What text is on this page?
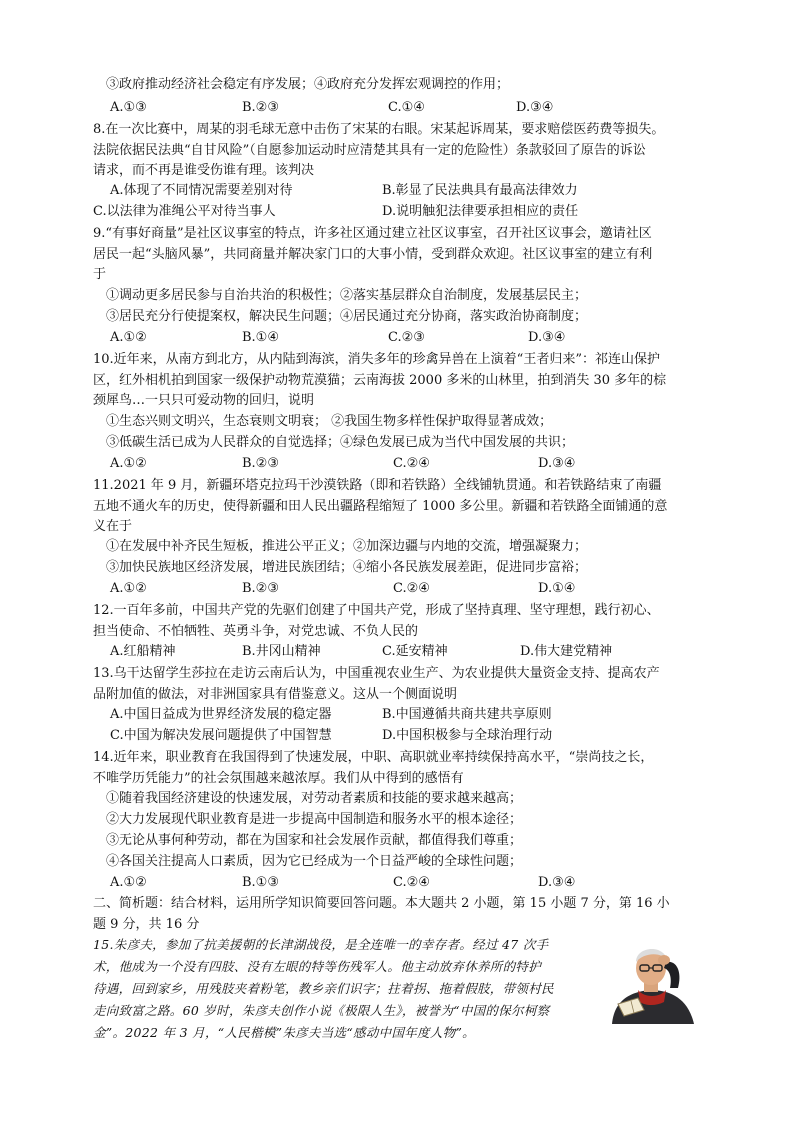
③政府推动经济社会稳定有序发展；④政府充分发挥宏观调控的作用；
A.①③	B.②③	C.①④	D.③④
8.在一次比赛中，周某的羽毛球无意中击伤了宋某的右眼。宋某起诉周某，要求赔偿医药费等损失。
法院依据民法典“自甘风险”（自愿参加运动时应清楚其具有一定的危险性）条款驳回了原告的诉讼
请求，而不再是谁受伤谁有理。该判决
A.体现了不同情况需要差别对待	B.彰显了民法典具有最高法律效力
C.以法律为准绳公平对待当事人	D.说明触犯法律要承担相应的责任
9.“有事好商量”是社区议事室的特点，许多社区通过建立社区议事室，召开社区议事会，邀请社区
居民一起“头脑风暴”，共同商量并解决家门口的大事小情，受到群众欢迎。社区议事室的建立有利
于
①调动更多居民参与自治共治的积极性；②落实基层群众自治制度，发展基层民主；
③居民充分行使提案权，解决民生问题；④居民通过充分协商，落实政治协商制度；
A.①②	B.①④	C.②③	D.③④
10.近年来，从南方到北方，从内陆到海滨，消失多年的珍禽异兽在上演着“王者归来”：祁连山保护
区，红外相机拍到国家一级保护动物荒漠猫；云南海拔 2000 多米的山林里，拍到消失 30 多年的棕
颈犀鸟…一只只可爱动物的回归，说明
①生态兴则文明兴，生态衰则文明衰； ②我国生物多样性保护取得显著成效；
③低碳生活已成为人民群众的自觉选择；④绿色发展已成为当代中国发展的共识；
A.①②	B.②③	C.②④	D.③④
11.2021 年 9 月，新疆环塔克拉玛干沙漠铁路（即和若铁路）全线铺轨贯通。和若铁路结束了南疆
五地不通火车的历史，使得新疆和田人民出疆路程缩短了 1000 多公里。新疆和若铁路全面铺通的意
义在于
①在发展中补齐民生短板，推进公平正义；②加深边疆与内地的交流，增强凝聚力；
③加快民族地区经济发展，增进民族团结；④缩小各民族发展差距，促进同步富裕；
A.①②	B.②③	C.②④	D.①④
12.一百年多前，中国共产党的先驱们创建了中国共产党，形成了坚持真理、坚守理想，践行初心、
担当使命、不怕牺牲、英勇斗争，对党忠诚、不负人民的
A.红船精神	B.井冈山精神	C.延安精神	D.伟大建党精神
13.乌干达留学生莎拉在走访云南后认为，中国重视农业生产、为农业提供大量资金支持、提高农产
品附加值的做法，对非洲国家具有借鉴意义。这从一个侧面说明
A.中国日益成为世界经济发展的稳定器	B.中国遵循共商共建共享原则
C.中国为解决发展问题提供了中国智慧	D.中国积极参与全球治理行动
14.近年来，职业教育在我国得到了快速发展，中职、高职就业率持续保持高水平，“崇尚技之长，
不唯学历凭能力”的社会氛围越来越浓厚。我们从中得到的感悟有
①随着我国经济建设的快速发展，对劳动者素质和技能的要求越来越高；
②大力发展现代职业教育是进一步提高中国制造和服务水平的根本途径；
③无论从事何种劳动，都在为国家和社会发展作贡献，都值得我们尊重；
④各国关注提高人口素质，因为它已经成为一个日益严峻的全球性问题；
A.①②	B.①③	C.②④	D.③④
二、简析题：结合材料，运用所学知识简要回答问题。本大题共 2 小题，第 15 小题 7 分，第 16 小
题 9 分，共 16 分
15.朱彦夫，参加了抗美援朝的长津湖战役，是全连唯一的幸存者。经过 47 次手
术，他成为一个没有四肢、没有左眼的特等伤残军人。他主动放弃休养所的特护
待遇，回到家乡，用残肢夹着粉笔，教乡亲们识字；拄着拐、拖着假肢，带领村民
走向致富之路。60 岁时，朱彦夫创作小说《极限人生》，被誉为“中国的保尔柯察
金”。2022 年 3 月，“人民楷模”朱彦夫当选“感动中国年度人物”。
